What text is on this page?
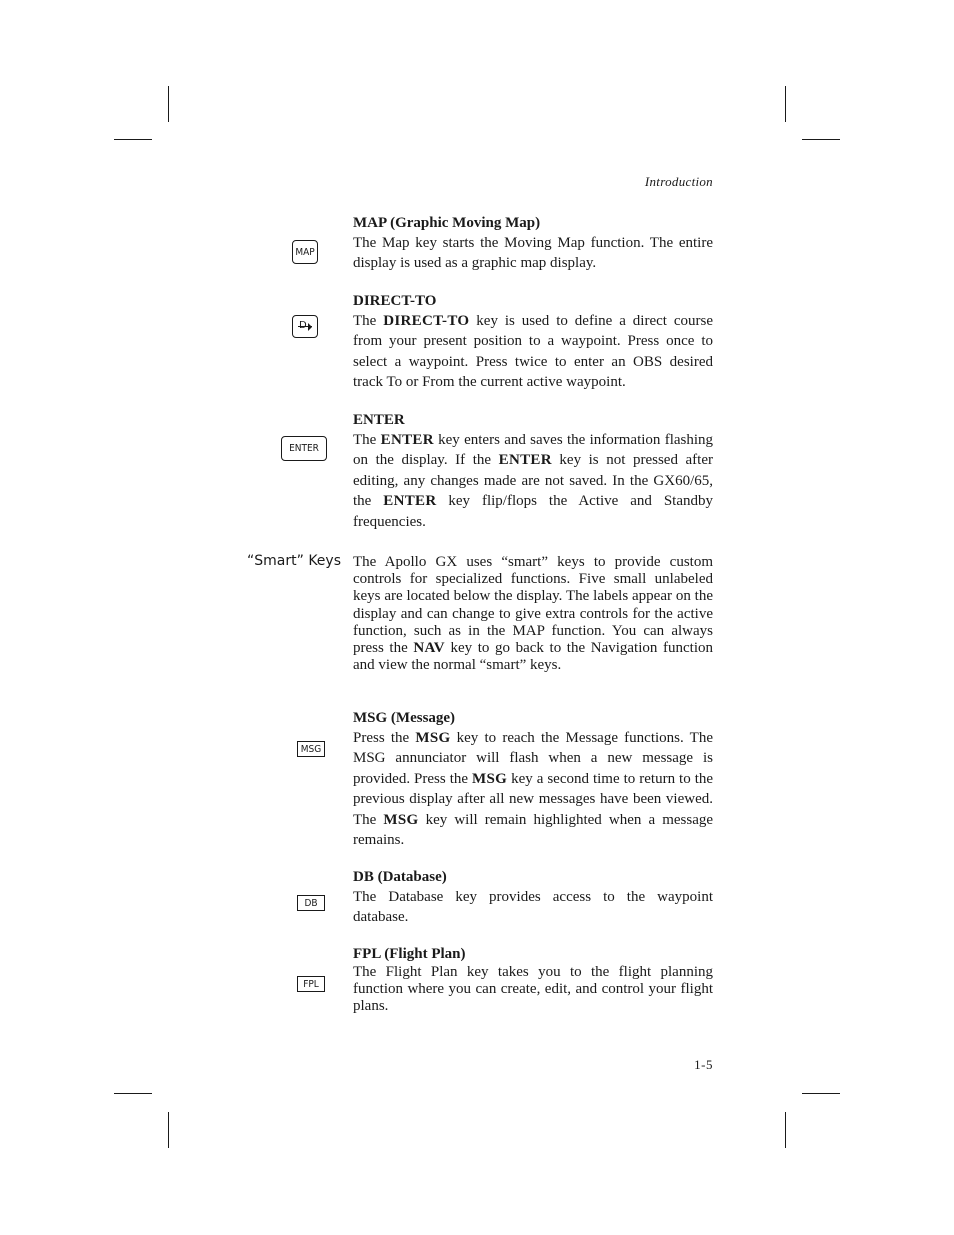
Introduction
MAP

MAP (Graphic Moving Map)

The Map key starts the Moving Map function. The entire display is used as a graphic map display.

DIRECT-TO

The DIRECT-TO key is used to define a direct course from your present position to a waypoint. Press once to select a waypoint. Press twice to enter an OBS desired track To or From the current active waypoint.

ENTER

ENTER

The ENTER key enters and saves the information flashing on the display. If the ENTER key is not pressed after editing, any changes made are not saved. In the GX60/65, the ENTER key flip/flops the Active and Standby frequencies.

“Smart” Keys The Apollo GX uses “smart” keys to provide custom controls for specialized functions. Five small unlabeled keys are located below the display. The labels appear on the display and can change to give extra controls for the active function, such as in the MAP function. You can always press the NAV key to go back to the Navigation function and view the normal “smart” keys.

MSG

MSG (Message)

Press the MSG key to reach the Message functions. The MSG annunciator will flash when a new message is provided. Press the MSG key a second time to return to the previous display after all new messages have been viewed. The MSG key will remain highlighted when a message remains.

DB

DB (Database)

The Database key provides access to the waypoint database.

FPL

FPL (Flight Plan)

The Flight Plan key takes you to the flight planning function where you can create, edit, and control your flight plans.

1-5
